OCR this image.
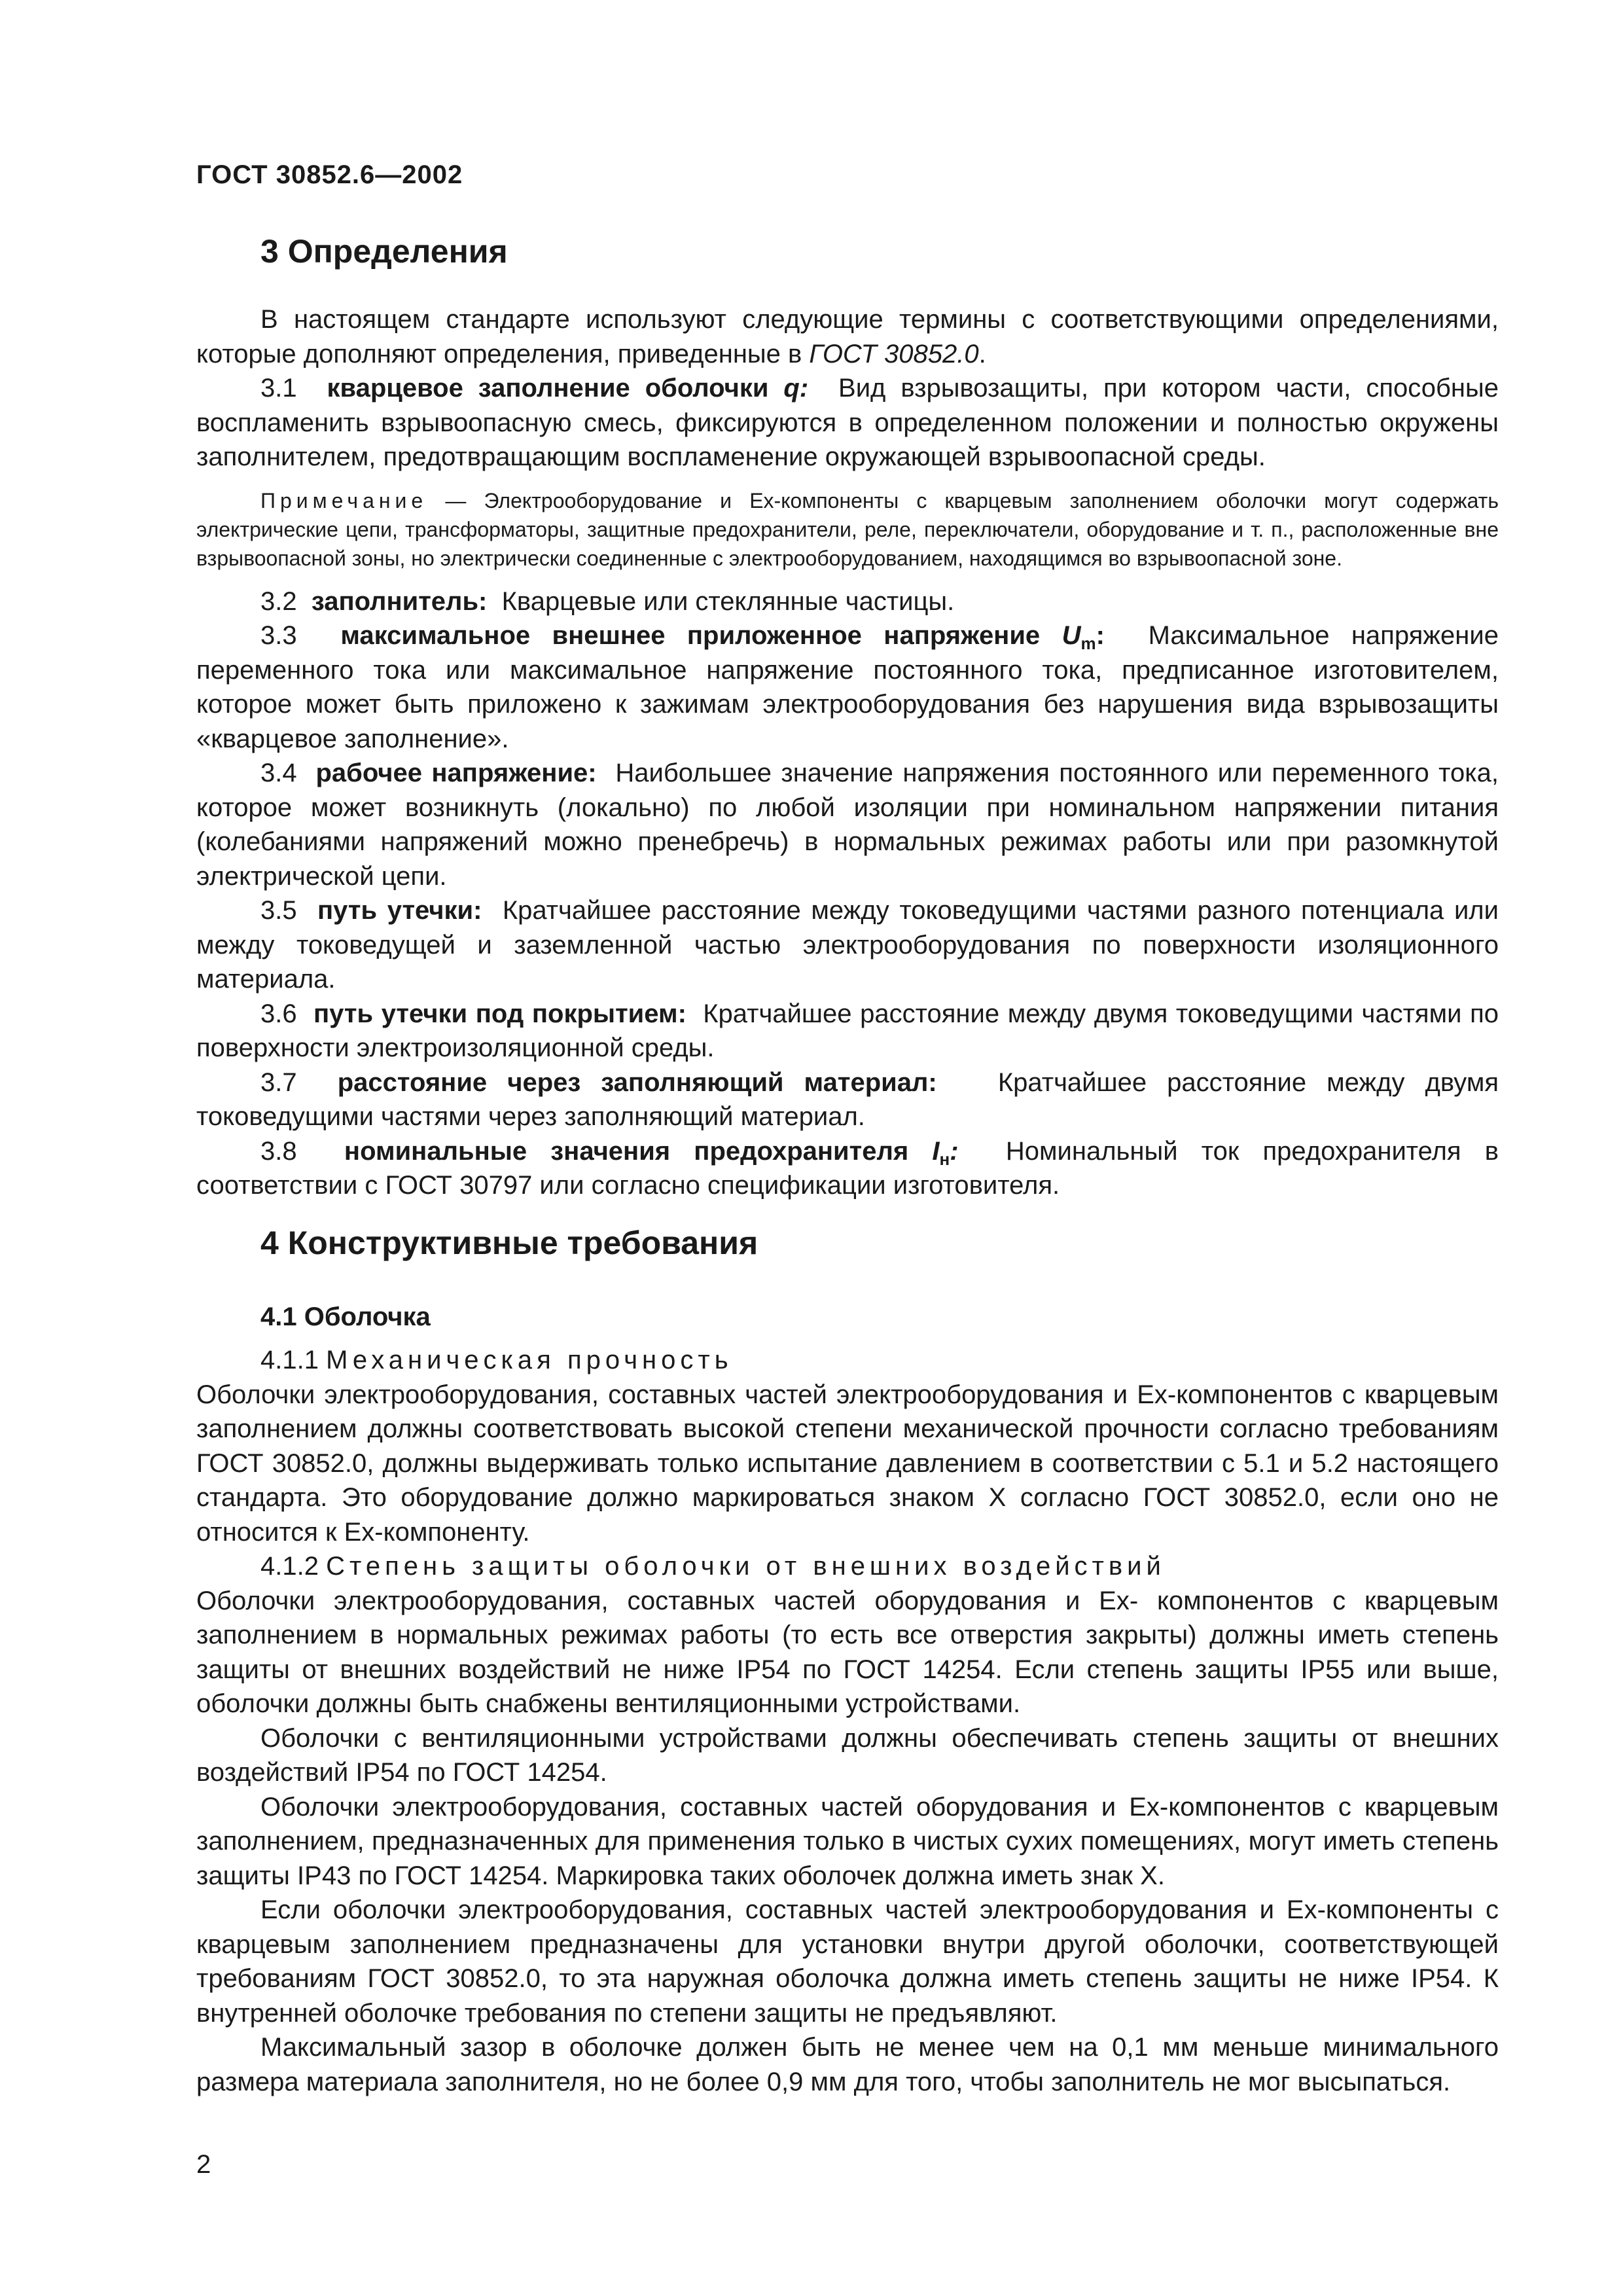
ГОСТ 30852.6—2002
3 Определения

В настоящем стандарте используют следующие термины с соответствующими определениями, которые дополняют определения, приведенные в ГОСТ 30852.0.

3.1 кварцевое заполнение оболочки q: Вид взрывозащиты, при котором части, способные воспламенить взрывоопасную смесь, фиксируются в определенном положении и полностью окружены заполнителем, предотвращающим воспламенение окружающей взрывоопасной среды.

Примечание — Электрооборудование и Ex-компоненты с кварцевым заполнением оболочки могут содержать электрические цепи, трансформаторы, защитные предохранители, реле, переключатели, оборудование и т. п., расположенные вне взрывоопасной зоны, но электрически соединенные с электрооборудованием, находящимся во взрывоопасной зоне.

3.2 заполнитель: Кварцевые или стеклянные частицы.

3.3 максимальное внешнее приложенное напряжение $U_m$: Максимальное напряжение переменного тока или максимальное напряжение постоянного тока, предписанное изготовителем, которое может быть приложено к зажимам электрооборудования без нарушения вида взрывозащиты «кварцевое заполнение».

3.4 рабочее напряжение: Наибольшее значение напряжения постоянного или переменного тока, которое может возникнуть (локально) по любой изоляции при номинальном напряжении питания (колебаниями напряжений можно пренебречь) в нормальных режимах работы или при разомкнутой электрической цепи.

3.5 путь утечки: Кратчайшее расстояние между токоведущими частями разного потенциала или между токоведущей и заземленной частью электрооборудования по поверхности изоляционного материала.

3.6 путь утечки под покрытием: Кратчайшее расстояние между двумя токоведущими частями по поверхности электроизоляционной среды.

3.7 расстояние через заполняющий материал: Кратчайшее расстояние между двумя токоведущими частями через заполняющий материал.

3.8 номинальные значения предохранителя $I_н$: Номинальный ток предохранителя в соответствии с ГОСТ 30797 или согласно спецификации изготовителя.

4 Конструктивные требования
4.1 Оболочка

4.1.1 Механическая прочность

Оболочки электрооборудования, составных частей электрооборудования и Ex-компонентов с кварцевым заполнением должны соответствовать высокой степени механической прочности согласно требованиям ГОСТ 30852.0, должны выдерживать только испытание давлением в соответствии с 5.1 и 5.2 настоящего стандарта. Это оборудование должно маркироваться знаком X согласно ГОСТ 30852.0, если оно не относится к Ex-компоненту.

4.1.2 Степень защиты оболочки от внешних воздействий

Оболочки электрооборудования, составных частей оборудования и Ex- компонентов с кварцевым заполнением в нормальных режимах работы (то есть все отверстия закрыты) должны иметь степень защиты от внешних воздействий не ниже IP54 по ГОСТ 14254. Если степень защиты IP55 или выше, оболочки должны быть снабжены вентиляционными устройствами.

Оболочки с вентиляционными устройствами должны обеспечивать степень защиты от внешних воздействий IP54 по ГОСТ 14254.

Оболочки электрооборудования, составных частей оборудования и Ex-компонентов с кварцевым заполнением, предназначенных для применения только в чистых сухих помещениях, могут иметь степень защиты IP43 по ГОСТ 14254. Маркировка таких оболочек должна иметь знак X.

Если оболочки электрооборудования, составных частей электрооборудования и Ex-компоненты с кварцевым заполнением предназначены для установки внутри другой оболочки, соответствующей требованиям ГОСТ 30852.0, то эта наружная оболочка должна иметь степень защиты не ниже IP54. К внутренней оболочке требования по степени защиты не предъявляют.

Максимальный зазор в оболочке должен быть не менее чем на 0,1 мм меньше минимального размера материала заполнителя, но не более 0,9 мм для того, чтобы заполнитель не мог высыпаться.

2
